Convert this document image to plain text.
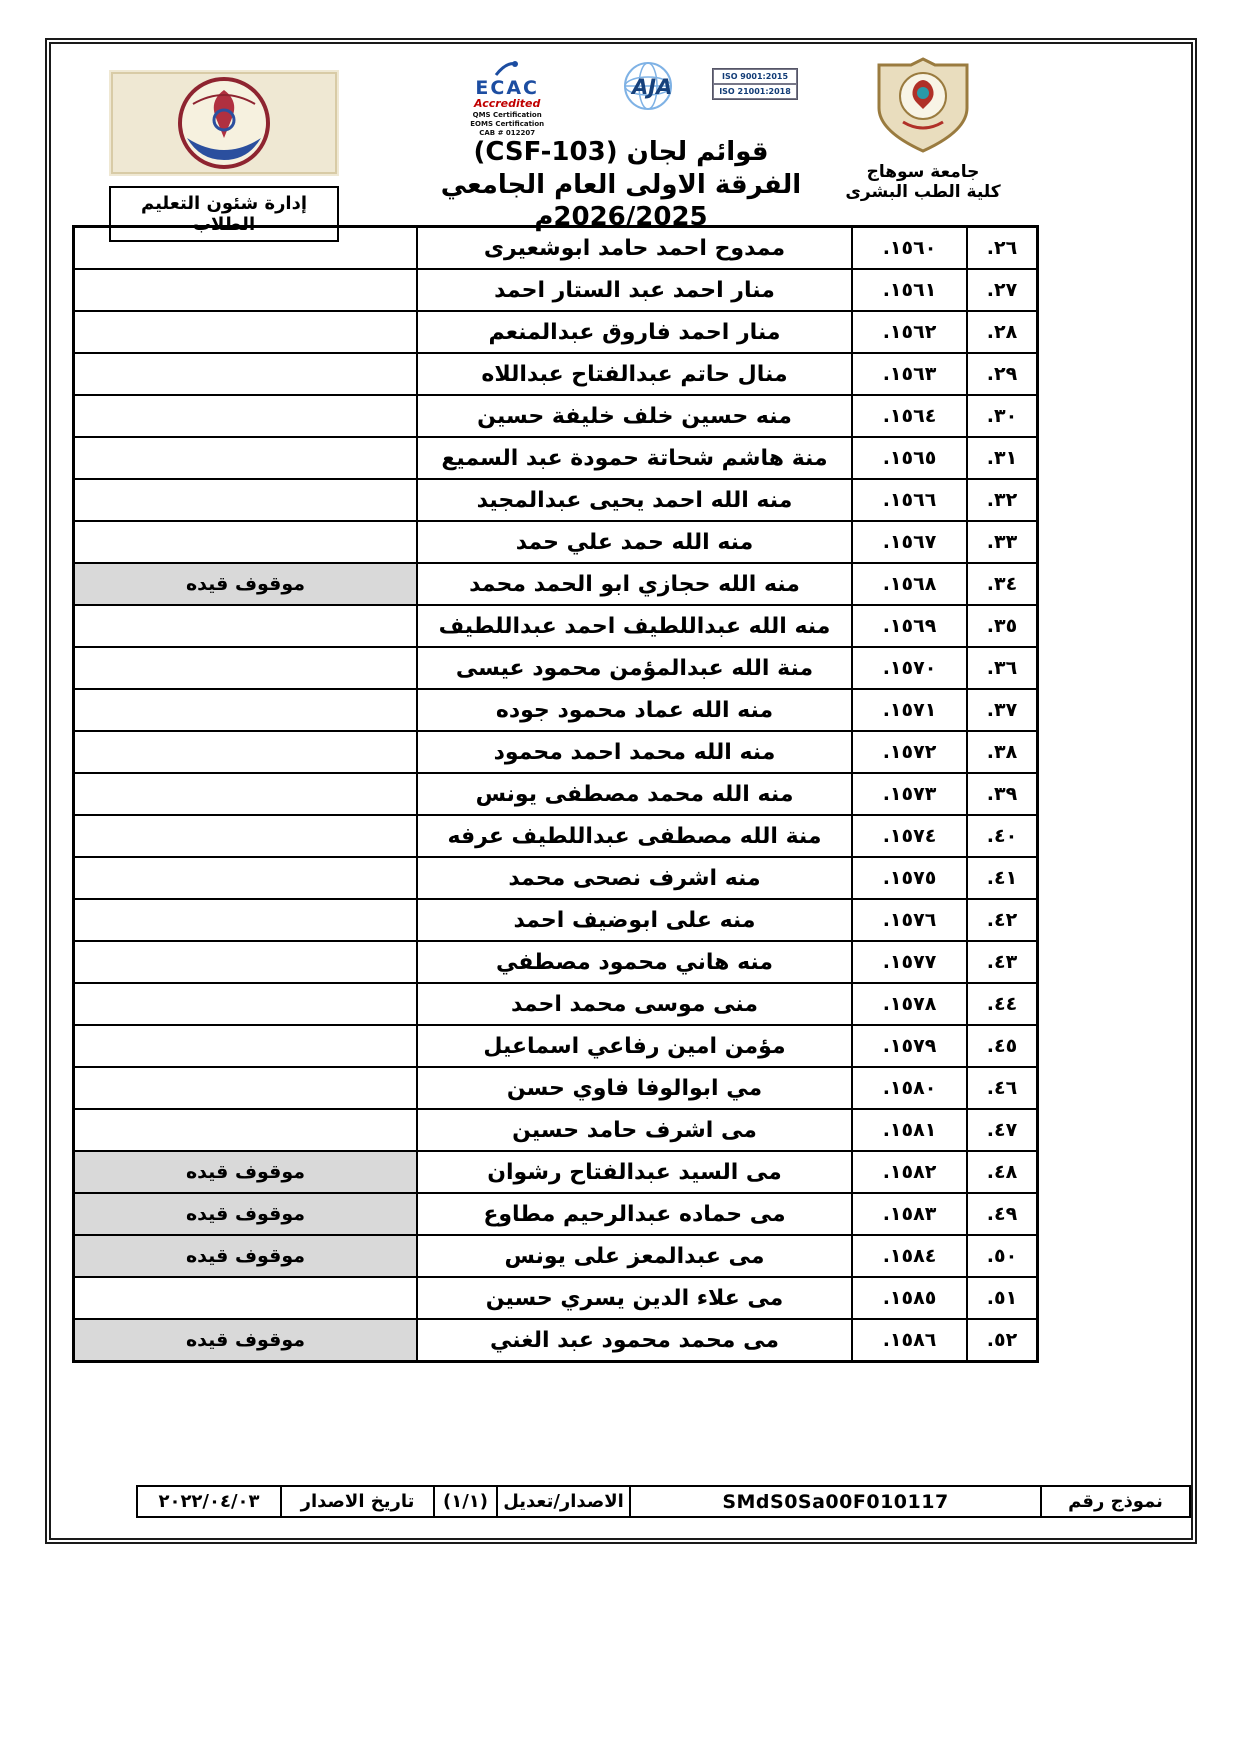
إدارة شئون التعليم الطلاب
ECAC
Accredited
QMS Certification
EOMS Certification
CAB # 012207
AJA	ISO 9001:2015
ISO 21001:2018
قوائم لجان (CSF-103)
الفرقة الاولى العام الجامعي 2026/2025م
جامعة سوهاج
كلية الطب البشرى
٢٦.	١٥٦٠.	ممدوح احمد حامد ابوشعيرى	
٢٧.	١٥٦١.	منار احمد عبد الستار احمد	
٢٨.	١٥٦٢.	منار احمد فاروق عبدالمنعم	
٢٩.	١٥٦٣.	منال حاتم عبدالفتاح عبداللاه	
٣٠.	١٥٦٤.	منه حسين خلف خليفة حسين	
٣١.	١٥٦٥.	منة هاشم شحاتة حمودة عبد السميع	
٣٢.	١٥٦٦.	منه الله احمد يحيى عبدالمجيد	
٣٣.	١٥٦٧.	منه الله حمد علي حمد	
٣٤.	١٥٦٨.	منه الله حجازي ابو الحمد محمد	موقوف قيده
٣٥.	١٥٦٩.	منه الله عبداللطيف احمد عبداللطيف	
٣٦.	١٥٧٠.	منة الله عبدالمؤمن محمود عيسى	
٣٧.	١٥٧١.	منه الله عماد محمود جوده	
٣٨.	١٥٧٢.	منه الله محمد احمد محمود	
٣٩.	١٥٧٣.	منه الله محمد مصطفى يونس	
٤٠.	١٥٧٤.	منة الله مصطفى عبداللطيف عرفه	
٤١.	١٥٧٥.	منه اشرف نصحى محمد	
٤٢.	١٥٧٦.	منه على ابوضيف احمد	
٤٣.	١٥٧٧.	منه هاني محمود مصطفي	
٤٤.	١٥٧٨.	منى موسى محمد احمد	
٤٥.	١٥٧٩.	مؤمن امين رفاعي اسماعيل	
٤٦.	١٥٨٠.	مي ابوالوفا فاوي حسن	
٤٧.	١٥٨١.	مى اشرف حامد حسين	
٤٨.	١٥٨٢.	مى السيد عبدالفتاح رشوان	موقوف قيده
٤٩.	١٥٨٣.	مى حماده عبدالرحيم مطاوع	موقوف قيده
٥٠.	١٥٨٤.	مى عبدالمعز على يونس	موقوف قيده
٥١.	١٥٨٥.	مى علاء الدين يسري حسين	
٥٢.	١٥٨٦.	مى محمد محمود عبد الغني	موقوف قيده
نموذج رقم	SMdS0Sa00F010117	الاصدار/تعديل	(١/١)	تاريخ الاصدار	٢٠٢٢/٠٤/٠٣
